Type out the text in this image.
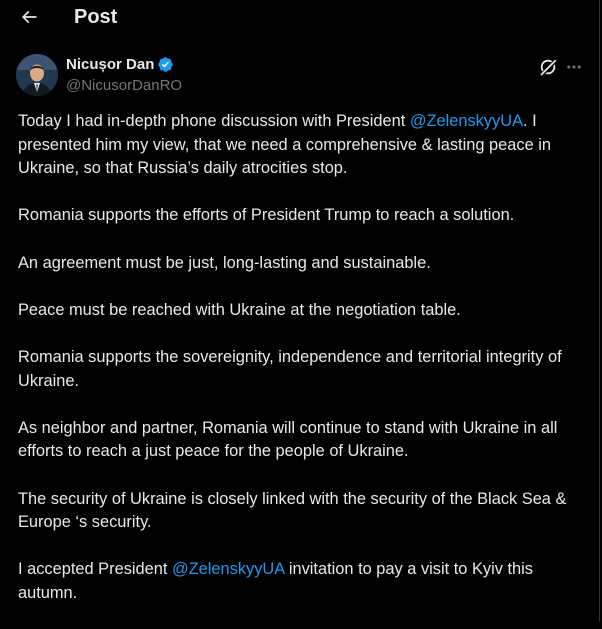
Post
Nicușor Dan
@NicusorDanRO

Today I had in-depth phone discussion with President @ZelenskyyUA. I presented him my view, that we need a comprehensive & lasting peace in Ukraine, so that Russia’s daily atrocities stop.

Romania supports the efforts of President Trump to reach a solution.

An agreement must be just, long-lasting and sustainable.

Peace must be reached with Ukraine at the negotiation table.

Romania supports the sovereignity, independence and territorial integrity of Ukraine.

As neighbor and partner, Romania will continue to stand with Ukraine in all efforts to reach a just peace for the people of Ukraine.

The security of Ukraine is closely linked with the security of the Black Sea & Europe ‘s security.

I accepted President @ZelenskyyUA invitation to pay a visit to Kyiv this autumn.
